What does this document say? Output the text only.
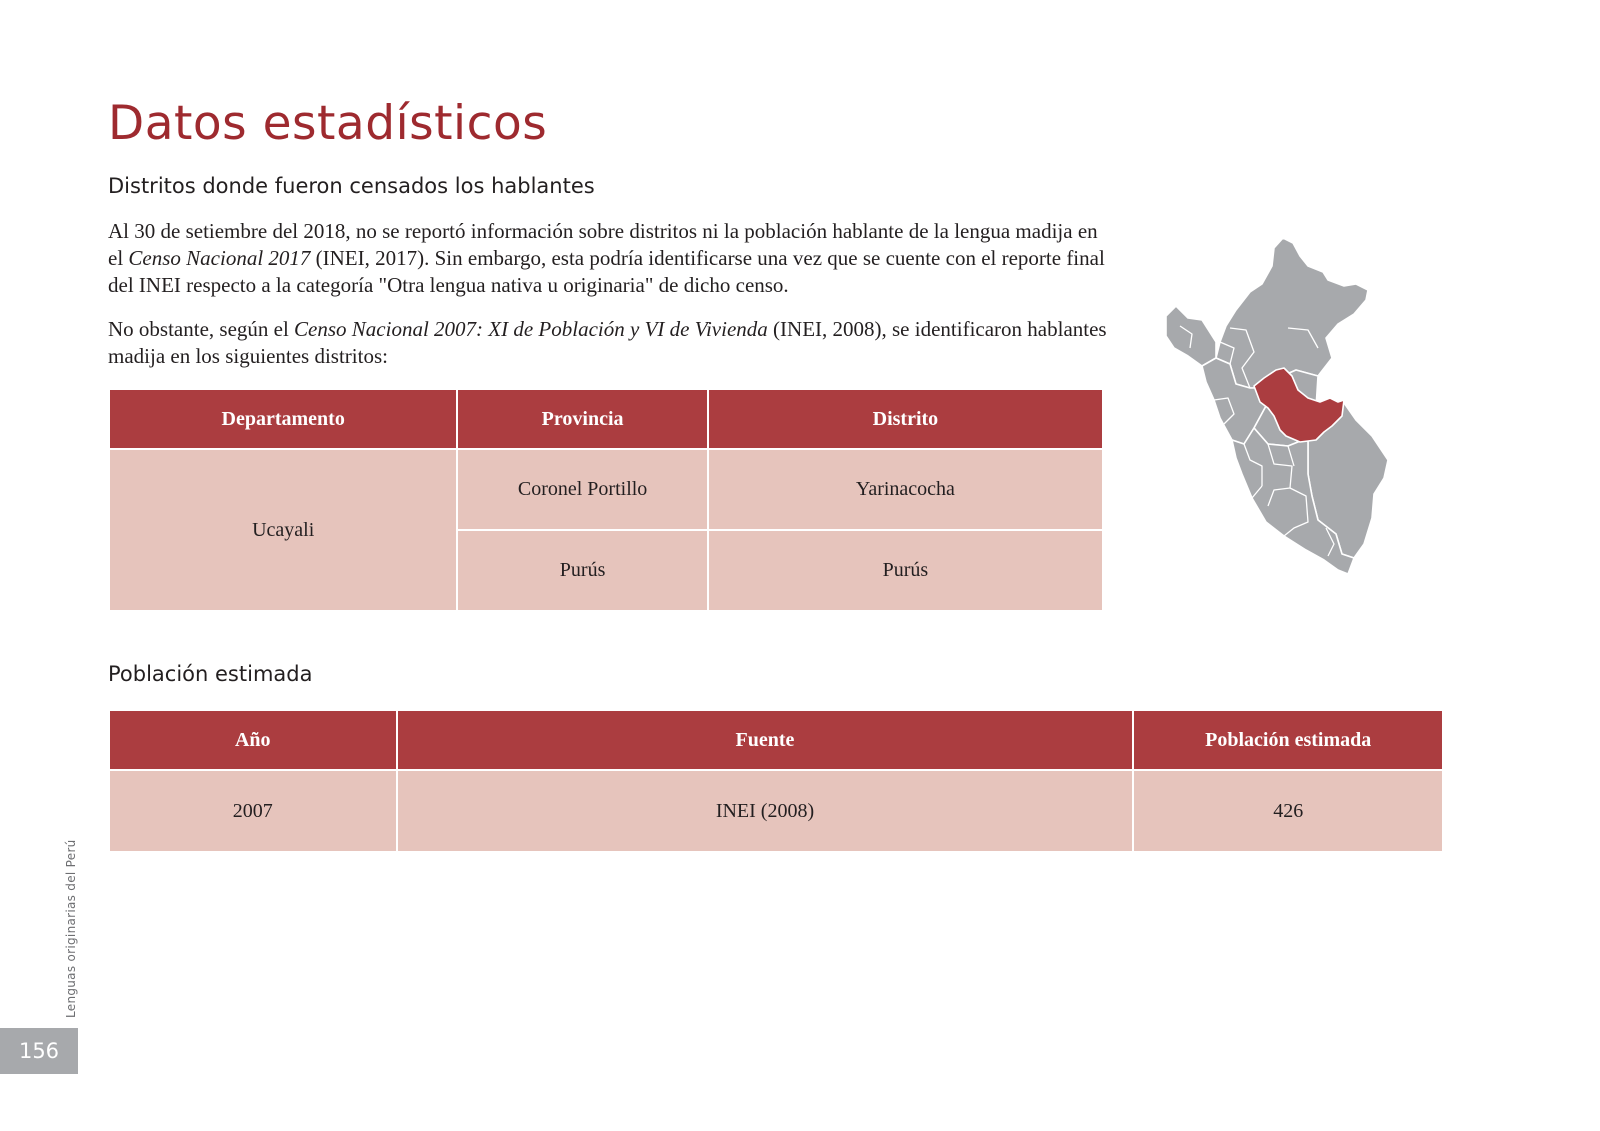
Datos estadísticos
Distritos donde fueron censados los hablantes

Al 30 de setiembre del 2018, no se reportó información sobre distritos ni la población hablante de la lengua madija en el Censo Nacional 2017 (INEI, 2017). Sin embargo, esta podría identificarse una vez que se cuente con el reporte final del INEI respecto a la categoría "Otra lengua nativa u originaria" de dicho censo.

No obstante, según el Censo Nacional 2007: XI de Población y VI de Vivienda (INEI, 2008), se identificaron hablantes madija en los siguientes distritos:

Departamento	Provincia	Distrito
Ucayali	Coronel Portillo	Yarinacocha
	Purús	Purús
Población estimada
Año	Fuente	Población estimada
2007	INEI (2008)	426
Lenguas originarias del Perú
156
